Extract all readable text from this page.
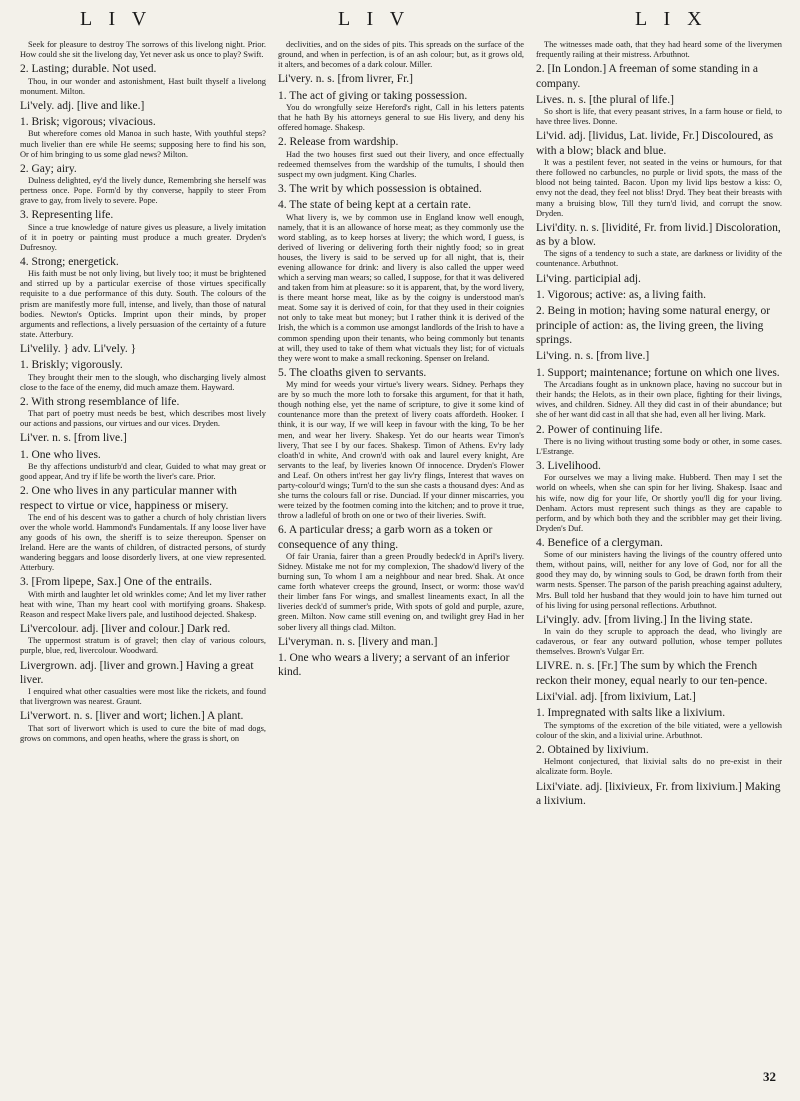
L I V	L I V	L I X
Seek for pleasure to destroy The sorrows of this livelong night. Prior. How could she sit the livelong day, Yet never ask us once to play? Swift.
2. Lasting; durable. Not used.
Thou, in our wonder and astonishment, Hast built thyself a livelong monument. Milton.
Li'vely. adj. [live and like.]
1. Brisk; vigorous; vivacious.
But wherefore comes old Manoa in such haste, With youthful steps? much livelier than ere while He seems; supposing here to find his son, Or of him bringing to us some glad news? Milton.
2. Gay; airy.
Dulness delighted, ey'd the lively dunce, Remembring she herself was pertness once. Pope. Form'd by thy converse, happily to steer From grave to gay, from lively to severe. Pope.
3. Representing life.
Since a true knowledge of nature gives us pleasure, a lively imitation of it in poetry or painting must produce a much greater. Dryden's Dufresnoy.
4. Strong; energetick.
His faith must be not only living, but lively too; it must be brightened and stirred up by a particular exercise of those virtues specifically requisite to a due performance of this duty. South. The colours of the prism are manifestly more full, intense, and lively, than those of natural bodies. Newton's Opticks. Imprint upon their minds, by proper arguments and reflections, a lively persuasion of the certainty of a future state. Atterbury.
Li'velily. } adv. Li'vely. }
1. Briskly; vigorously.
They brought their men to the slough, who discharging lively almost close to the face of the enemy, did much amaze them. Hayward.
2. With strong resemblance of life.
That part of poetry must needs be best, which describes most lively our actions and passions, our virtues and our vices. Dryden.
Li'ver. n. s. [from live.]
1. One who lives.
Be thy affections undisturb'd and clear, Guided to what may great or good appear, And try if life be worth the liver's care. Prior.
2. One who lives in any particular manner with respect to virtue or vice, happiness or misery.
The end of his descent was to gather a church of holy christian livers over the whole world. Hammond's Fundamentals. If any loose liver have any goods of his own, the sheriff is to seize thereupon. Spenser on Ireland. Here are the wants of children, of distracted persons, of sturdy wandering beggars and loose disorderly livers, at one view represented. Atterbury.
3. [From lipepe, Sax.] One of the entrails.
With mirth and laughter let old wrinkles come; And let my liver rather heat with wine, Than my heart cool with mortifying groans. Shakesp. Reason and respect Make livers pale, and lustihood dejected. Shakesp.
Li'vercolour. adj. [liver and colour.] Dark red.
The uppermost stratum is of gravel; then clay of various colours, purple, blue, red, livercolour. Woodward.
Livergrown. adj. [liver and grown.] Having a great liver.
I enquired what other casualties were most like the rickets, and found that livergrown was nearest. Graunt.
Li'verwort. n. s. [liver and wort; lichen.] A plant.
That sort of liverwort which is used to cure the bite of mad dogs, grows on commons, and open heaths, where the grass is short, on
declivities, and on the sides of pits. This spreads on the surface of the ground, and when in perfection, is of an ash colour; but, as it grows old, it alters, and becomes of a dark colour. Miller.
Li'very. n. s. [from livrer, Fr.]
1. The act of giving or taking possession.
You do wrongfully seize Hereford's right, Call in his letters patents that he hath By his attorneys general to sue His livery, and deny his offered homage. Shakesp.
2. Release from wardship.
Had the two houses first sued out their livery, and once effectually redeemed themselves from the wardship of the tumults, I should then suspect my own judgment. King Charles.
3. The writ by which possession is obtained.
4. The state of being kept at a certain rate.
What livery is, we by common use in England know well enough, namely, that it is an allowance of horse meat; as they commonly use the word stabling, as to keep horses at livery; the which word, I guess, is derived of livering or delivering forth their nightly food; so in great houses, the livery is said to be served up for all night, that is, their evening allowance for drink: and livery is also called the upper weed which a serving man wears; so called, I suppose, for that it was delivered and taken from him at pleasure: so it is apparent, that, by the word livery, is there meant horse meat, like as by the coigny is understood man's meat. Some say it is derived of coin, for that they used in their coignies not only to take meat but money; but I rather think it is derived of the Irish, the which is a common use amongst landlords of the Irish to have a common spending upon their tenants, who being commonly but tenants at will, they used to take of them what victuals they list; for of victuals they were wont to make a small reckoning. Spenser on Ireland.
5. The cloaths given to servants.
My mind for weeds your virtue's livery wears. Sidney. Perhaps they are by so much the more loth to forsake this argument, for that it hath, though nothing else, yet the name of scripture, to give it some kind of countenance more than the pretext of livery coats affordeth. Hooker. I think, it is our way, If we will keep in favour with the king, To be her men, and wear her livery. Shakesp. Yet do our hearts wear Timon's livery, That see I by our faces. Shakesp. Timon of Athens. Ev'ry lady cloath'd in white, And crown'd with oak and laurel every knight, Are servants to the leaf, by liveries known Of innocence. Dryden's Flower and Leaf. On others int'rest her gay liv'ry flings, Interest that waves on party-colour'd wings; Turn'd to the sun she casts a thousand dyes: And as she turns the colours fall or rise. Dunciad. If your dinner miscarries, you were teized by the footmen coming into the kitchen; and to prove it true, throw a ladleful of broth on one or two of their liveries. Swift.
6. A particular dress; a garb worn as a token or consequence of any thing.
Of fair Urania, fairer than a green Proudly bedeck'd in April's livery. Sidney. Mistake me not for my complexion, The shadow'd livery of the burning sun, To whom I am a neighbour and near bred. Shak. At once came forth whatever creeps the ground, Insect, or worm: those wav'd their limber fans For wings, and smallest lineaments exact, In all the liveries deck'd of summer's pride, With spots of gold and purple, azure, green. Milton. Now came still evening on, and twilight grey Had in her sober livery all things clad. Milton.
Li'veryman. n. s. [livery and man.]
1. One who wears a livery; a servant of an inferior kind.
The witnesses made oath, that they had heard some of the liverymen frequently railing at their mistress. Arbuthnot.
2. [In London.] A freeman of some standing in a company.
Lives. n. s. [the plural of life.]
So short is life, that every peasant strives, In a farm house or field, to have three lives. Donne.
Li'vid. adj. [lividus, Lat. livide, Fr.] Discoloured, as with a blow; black and blue.
It was a pestilent fever, not seated in the veins or humours, for that there followed no carbuncles, no purple or livid spots, the mass of the blood not being tainted. Bacon. Upon my livid lips bestow a kiss: O, envy not the dead, they feel not bliss! Dryd. They beat their breasts with many a bruising blow, Till they turn'd livid, and corrupt the snow. Dryden.
Livi'dity. n. s. [lividité, Fr. from livid.] Discoloration, as by a blow.
The signs of a tendency to such a state, are darkness or lividity of the countenance. Arbuthnot.
Li'ving. participial adj.
1. Vigorous; active: as, a living faith.
2. Being in motion; having some natural energy, or principle of action: as, the living green, the living springs.
Li'ving. n. s. [from live.]
1. Support; maintenance; fortune on which one lives.
The Arcadians fought as in unknown place, having no succour but in their hands; the Helots, as in their own place, fighting for their livings, wives, and children. Sidney. All they did cast in of their abundance; but she of her want did cast in all that she had, even all her living. Mark.
2. Power of continuing life.
There is no living without trusting some body or other, in some cases. L'Estrange.
3. Livelihood.
For ourselves we may a living make. Hubberd. Then may I set the world on wheels, when she can spin for her living. Shakesp. Isaac and his wife, now dig for your life, Or shortly you'll dig for your living. Denham. Actors must represent such things as they are capable to perform, and by which both they and the scribbler may get their living. Dryden's Duf.
4. Benefice of a clergyman.
Some of our ministers having the livings of the country offered unto them, without pains, will, neither for any love of God, nor for all the good they may do, by winning souls to God, be drawn forth from their warm nests. Spenser. The parson of the parish preaching against adultery, Mrs. Bull told her husband that they would join to have him turned out of his living for using personal reflections. Arbuthnot.
Li'vingly. adv. [from living.] In the living state.
In vain do they scruple to approach the dead, who livingly are cadaverous, or fear any outward pollution, whose temper pollutes themselves. Brown's Vulgar Err.
LIVRE. n. s. [Fr.] The sum by which the French reckon their money, equal nearly to our ten-pence.
Lixi'vial. adj. [from lixivium, Lat.]
1. Impregnated with salts like a lixivium.
The symptoms of the excretion of the bile vitiated, were a yellowish colour of the skin, and a lixivial urine. Arbuthnot.
2. Obtained by lixivium.
Helmont conjectured, that lixivial salts do no pre-exist in their alcalizate form. Boyle.
Lixi'viate. adj. [lixivieux, Fr. from lixivium.] Making a lixivium.
32
